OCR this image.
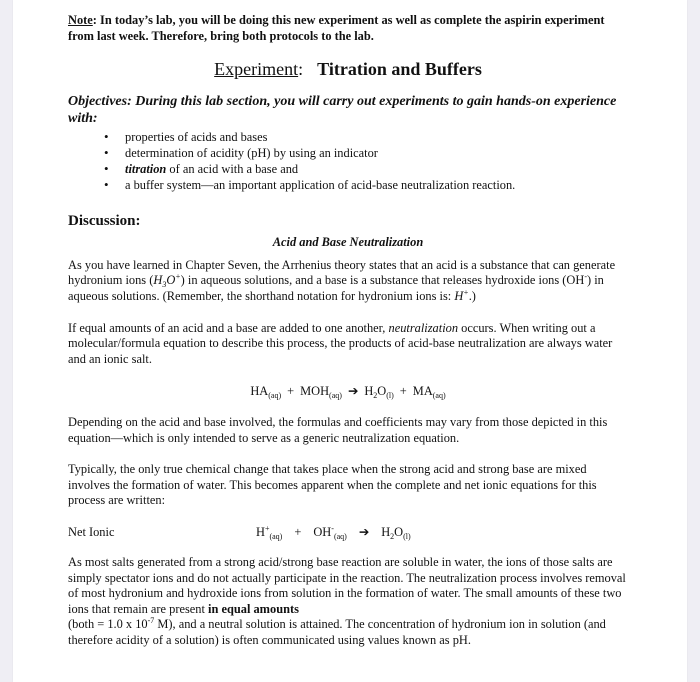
Note: In today’s lab, you will be doing this new experiment as well as complete the aspirin experiment from last week. Therefore, bring both protocols to the lab.

Experiment: Titration and Buffers

Objectives: During this lab section, you will carry out experiments to gain hands-on experience with:

• properties of acids and bases
• determination of acidity (pH) by using an indicator
• titration of an acid with a base and
• a buffer system—an important application of acid-base neutralization reaction.
Discussion:
Acid and Base Neutralization

As you have learned in Chapter Seven, the Arrhenius theory states that an acid is a substance that can generate hydronium ions $(H_3O^+)$ in aqueous solutions, and a base is a substance that releases hydroxide ions (OH-) in aqueous solutions. (Remember, the shorthand notation for hydronium ions is: H+.)

If equal amounts of an acid and a base are added to one another, neutralization occurs. When writing out a molecular/formula equation to describe this process, the products of acid-base neutralization are always water and an ionic salt.

$HA_{(aq)} + MOH_{(aq)}$ ➔ $H_2O_{(l)} + MA_{(aq)}$

Depending on the acid and base involved, the formulas and coefficients may vary from those depicted in this equation—which is only intended to serve as a generic neutralization equation.

Typically, the only true chemical change that takes place when the strong acid and strong base are mixed involves the formation of water. This becomes apparent when the complete and net ionic equations for this process are written:

Net Ionic	$H^+_{(aq)} + OH^-_{(aq)}$ ➔ $H_2O_{(l)}$

As most salts generated from a strong acid/strong base reaction are soluble in water, the ions of those salts are simply spectator ions and do not actually participate in the reaction. The neutralization process involves removal of most hydronium and hydroxide ions from solution in the formation of water. The small amounts of these two ions that remain are present in equal amounts
(both = 1.0 x $10^{-7}$ M), and a neutral solution is attained. The concentration of hydronium ion in solution (and therefore acidity of a solution) is often communicated using values known as pH.
